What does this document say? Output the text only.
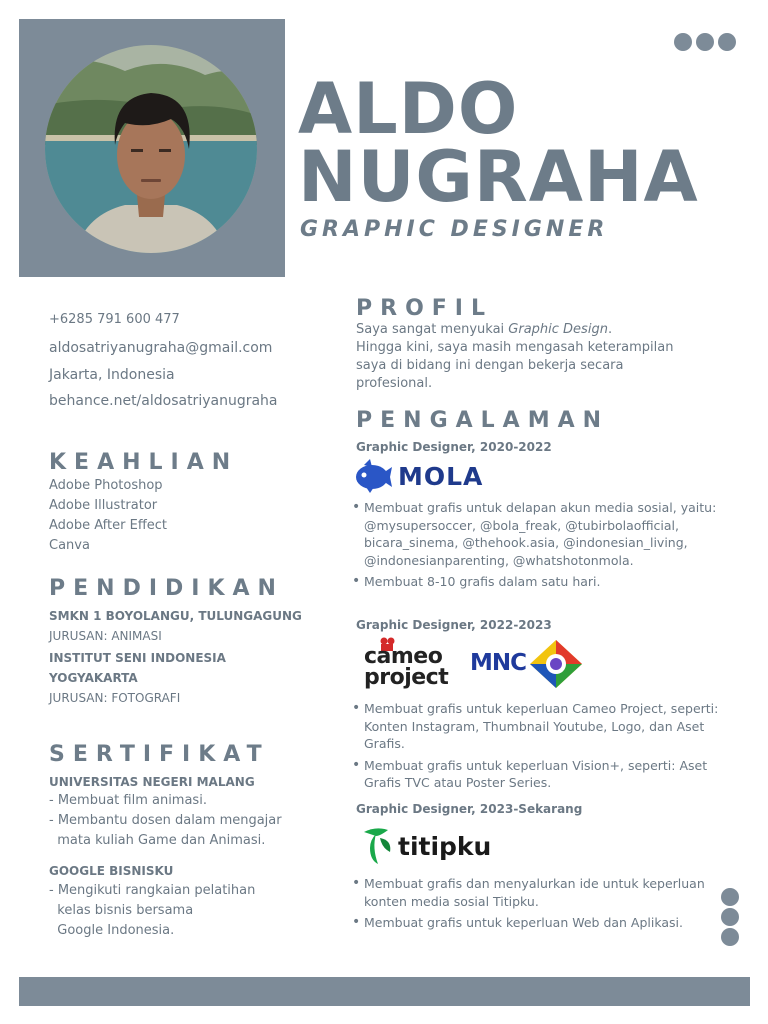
ALDO
NUGRAHA
GRAPHIC DESIGNER
+6285 791 600 477
aldosatriyanugraha@gmail.com
Jakarta, Indonesia
behance.net/aldosatriyanugraha
KEAHLIAN
Adobe Photoshop
Adobe Illustrator
Adobe After Effect
Canva
PENDIDIKAN
SMKN 1 BOYOLANGU, TULUNGAGUNG
JURUSAN: ANIMASI
INSTITUT SENI INDONESIA
YOGYAKARTA
JURUSAN: FOTOGRAFI
SERTIFIKAT
UNIVERSITAS NEGERI MALANG
- Membuat film animasi.
- Membantu dosen dalam mengajar
mata kuliah Game dan Animasi.
GOOGLE BISNISKU
- Mengikuti rangkaian pelatihan
kelas bisnis bersama
Google Indonesia.
PROFIL
Saya sangat menyukai Graphic Design.
Hingga kini, saya masih mengasah keterampilan
saya di bidang ini dengan bekerja secara
profesional.
PENGALAMAN
Graphic Designer, 2020-2022
MOLA
• Membuat grafis untuk delapan akun media sosial, yaitu: @mysupersoccer, @bola_freak, @tubirbolaofficial, bicara_sinema, @thehook.asia, @indonesian_living, @indonesianparenting, @whatshotonmola.
• Membuat 8-10 grafis dalam satu hari.
Graphic Designer, 2022-2023
cameo
project
MNC
• Membuat grafis untuk keperluan Cameo Project, seperti: Konten Instagram, Thumbnail Youtube, Logo, dan Aset Grafis.
• Membuat grafis untuk keperluan Vision+, seperti: Aset Grafis TVC atau Poster Series.
Graphic Designer, 2023-Sekarang
titipku
• Membuat grafis dan menyalurkan ide untuk keperluan konten media sosial Titipku.
• Membuat grafis untuk keperluan Web dan Aplikasi.
